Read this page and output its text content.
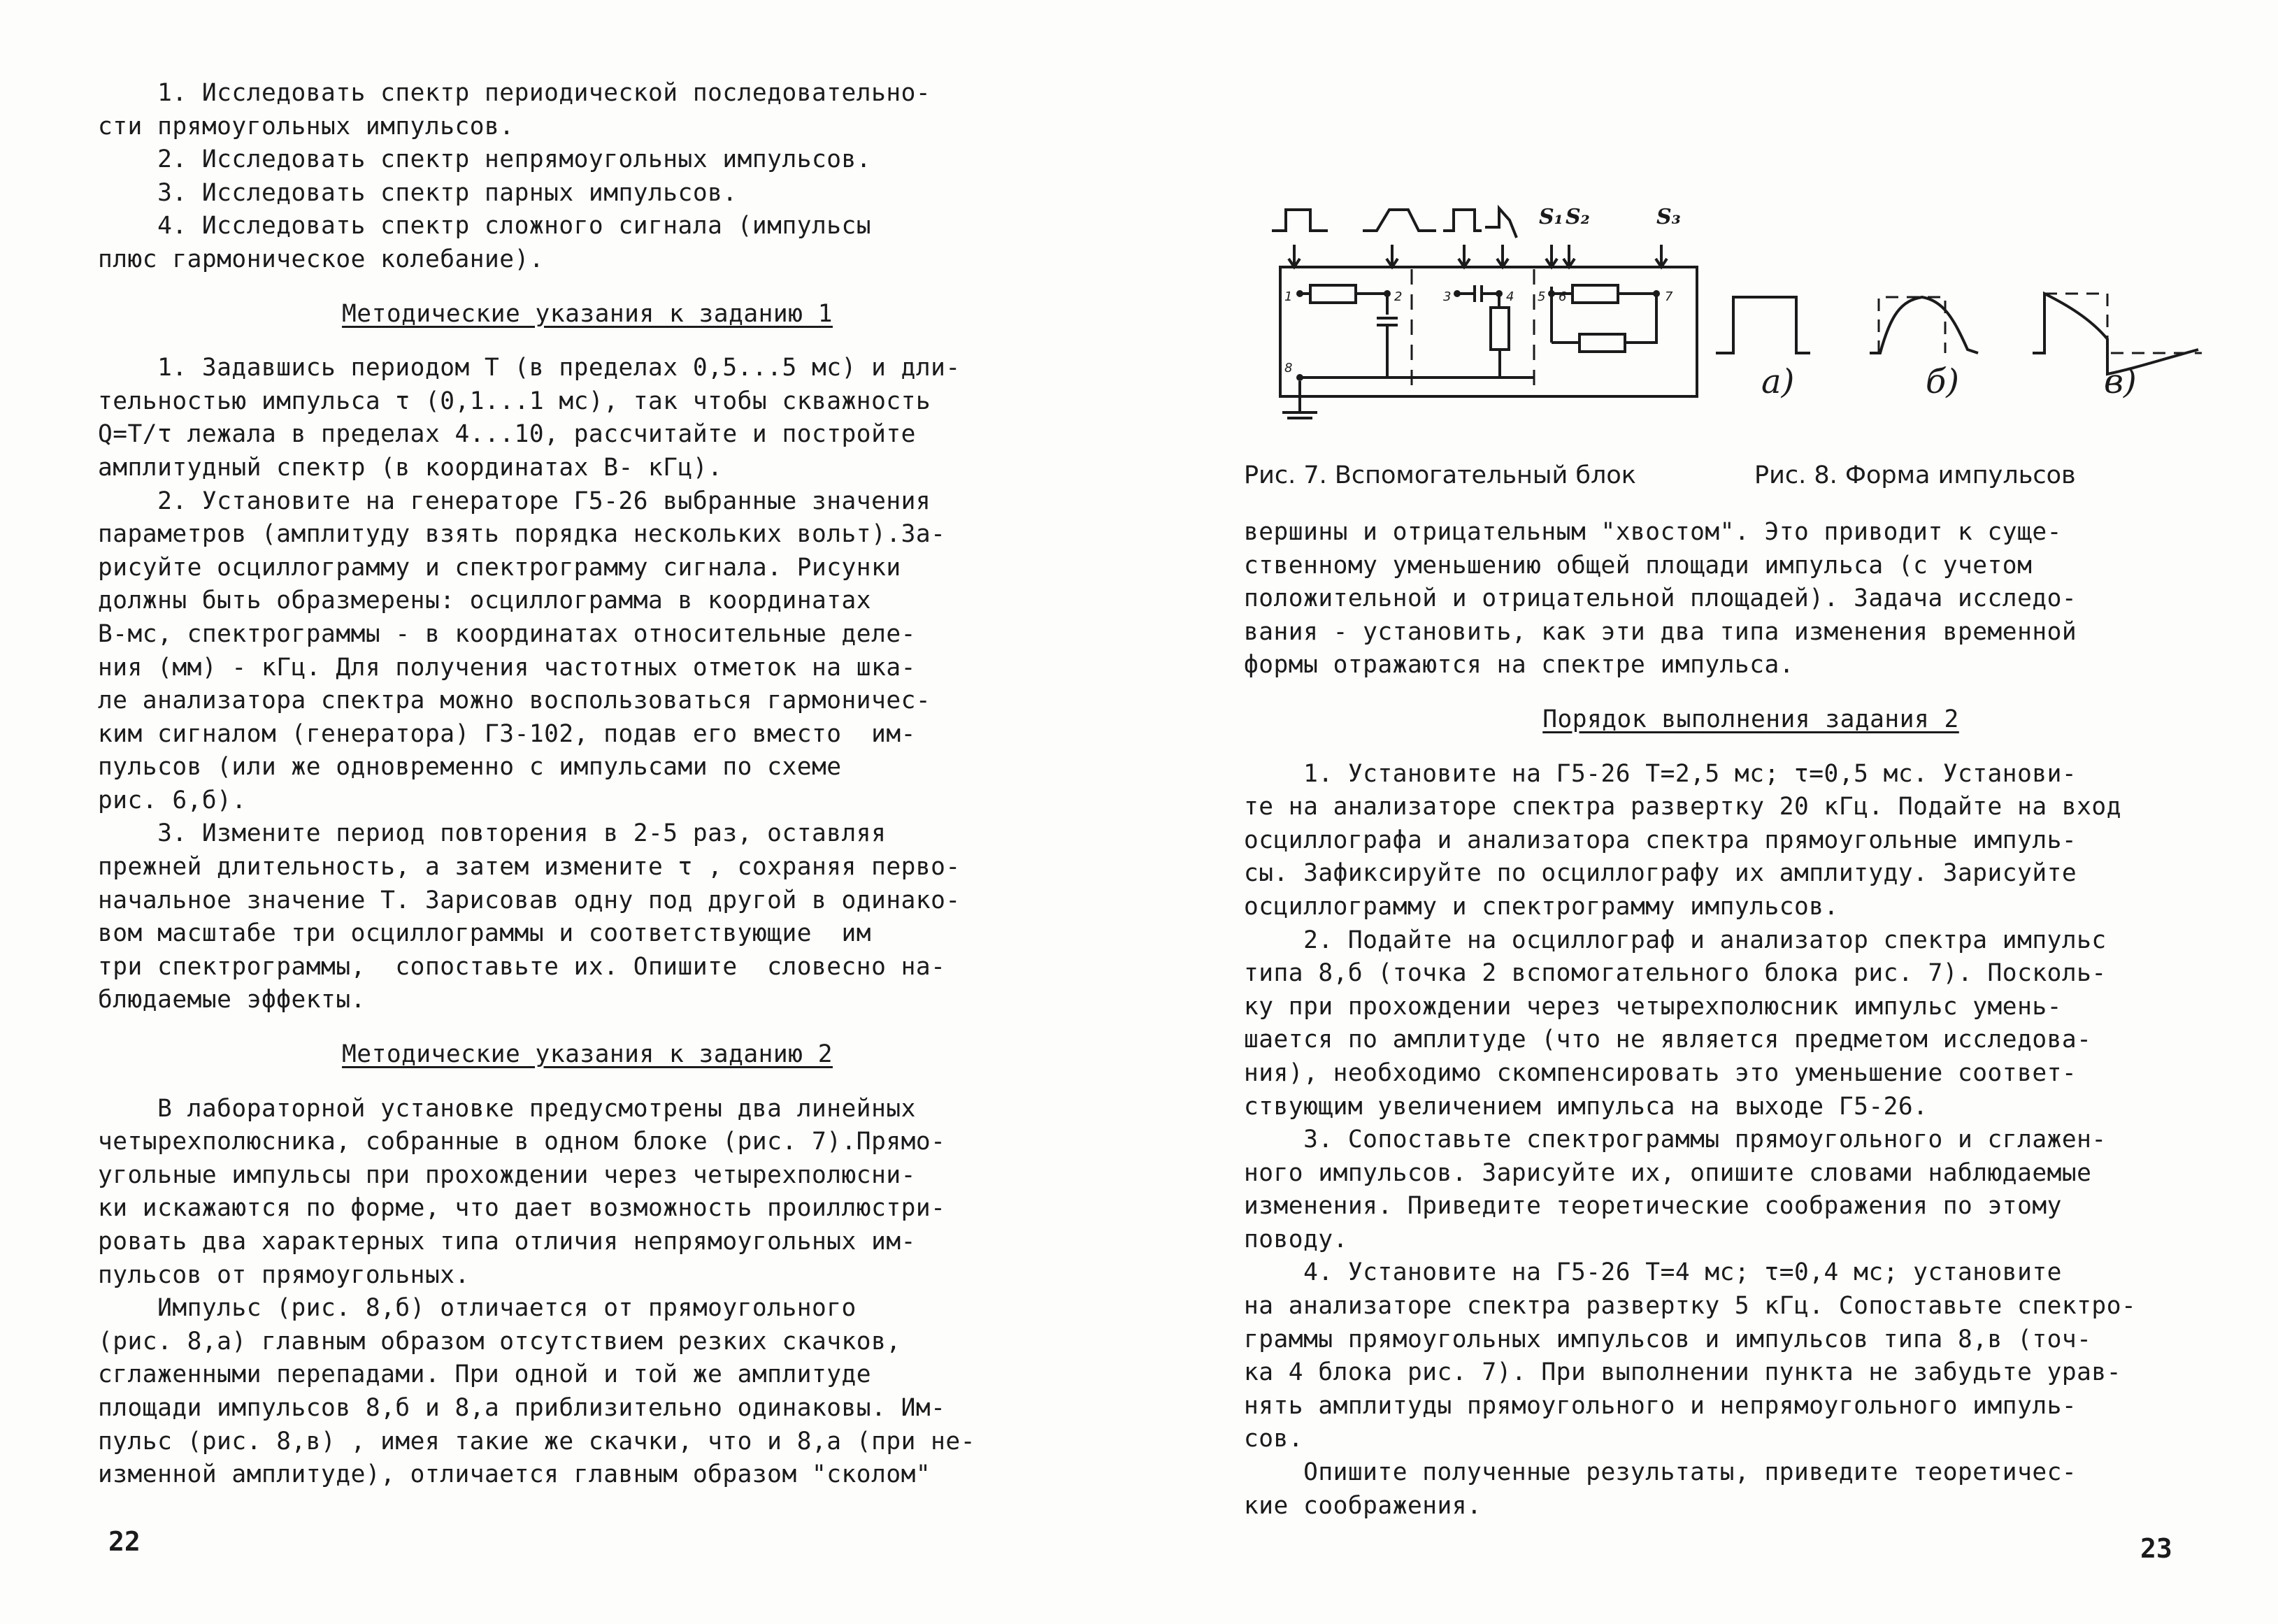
1. Исследовать спектр периодической последовательно-
сти прямоугольных импульсов.
2. Исследовать спектр непрямоугольных импульсов.
3. Исследовать спектр парных импульсов.
4. Исследовать спектр сложного сигнала (импульсы
плюс гармоническое колебание).
Методические указания к заданию 1
1. Задавшись периодом T (в пределах 0,5...5 мс) и дли-
тельностью импульса τ (0,1...1 мс), так чтобы скважность
Q=T/τ лежала в пределах 4...10, рассчитайте и постройте
амплитудный спектр (в координатах В- кГц).
2. Установите на генераторе Г5-26 выбранные значения
параметров (амплитуду взять порядка нескольких вольт).За-
рисуйте осциллограмму и спектрограмму сигнала. Рисунки
должны быть образмерены: осциллограмма в координатах
В-мс, спектрограммы - в координатах относительные деле-
ния (мм) - кГц. Для получения частотных отметок на шка-
ле анализатора спектра можно воспользоваться гармоничес-
ким сигналом (генератора) Г3-102, подав его вместо  им-
пульсов (или же одновременно с импульсами по схеме
рис. 6,б).
3. Измените период повторения в 2-5 раз, оставляя
прежней длительность, а затем измените τ , сохраняя перво-
начальное значение T. Зарисовав одну под другой в одинако-
вом масштабе три осциллограммы и соответствующие  им
три спектрограммы,  сопоставьте их. Опишите  словесно на-
блюдаемые эффекты.
Методические указания к заданию 2
В лабораторной установке предусмотрены два линейных
четырехполюсника, собранные в одном блоке (рис. 7).Прямо-
угольные импульсы при прохождении через четырехполюсни-
ки искажаются по форме, что дает возможность проиллюстри-
ровать два характерных типа отличия непрямоугольных им-
пульсов от прямоугольных.
Импульс (рис. 8,б) отличается от прямоугольного
(рис. 8,а) главным образом отсутствием резких скачков,
сглаженными перепадами. При одной и той же амплитуде
площади импульсов 8,б и 8,а приблизительно одинаковы. Им-
пульс (рис. 8,в) , имея такие же скачки, что и 8,а (при не-
изменной амплитуде), отличается главным образом "сколом"
22
1	2	3	4 5 6	7
8
S₁ S₂	S₃
а)	б)	в)
Рис. 7. Вспомогательный блок	Рис. 8. Форма импульсов
вершины и отрицательным "хвостом". Это приводит к суще-
ственному уменьшению общей площади импульса (с учетом
положительной и отрицательной площадей). Задача исследо-
вания - установить, как эти два типа изменения временной
формы отражаются на спектре импульса.
Порядок выполнения задания 2
1. Установите на Г5-26 T=2,5 мс; τ=0,5 мс. Установи-
те на анализаторе спектра развертку 20 кГц. Подайте на вход
осциллографа и анализатора спектра прямоугольные импуль-
сы. Зафиксируйте по осциллографу их амплитуду. Зарисуйте
осциллограмму и спектрограмму импульсов.
2. Подайте на осциллограф и анализатор спектра импульс
типа 8,б (точка 2 вспомогательного блока рис. 7). Посколь-
ку при прохождении через четырехполюсник импульс умень-
шается по амплитуде (что не является предметом исследова-
ния), необходимо скомпенсировать это уменьшение соответ-
ствующим увеличением импульса на выходе Г5-26.
3. Сопоставьте спектрограммы прямоугольного и сглажен-
ного импульсов. Зарисуйте их, опишите словами наблюдаемые
изменения. Приведите теоретические соображения по этому
поводу.
4. Установите на Г5-26 T=4 мс; τ=0,4 мс; установите
на анализаторе спектра развертку 5 кГц. Сопоставьте спектро-
граммы прямоугольных импульсов и импульсов типа 8,в (точ-
ка 4 блока рис. 7). При выполнении пункта не забудьте урав-
нять амплитуды прямоугольного и непрямоугольного импуль-
сов.
Опишите полученные результаты, приведите теоретичес-
кие соображения.
23
